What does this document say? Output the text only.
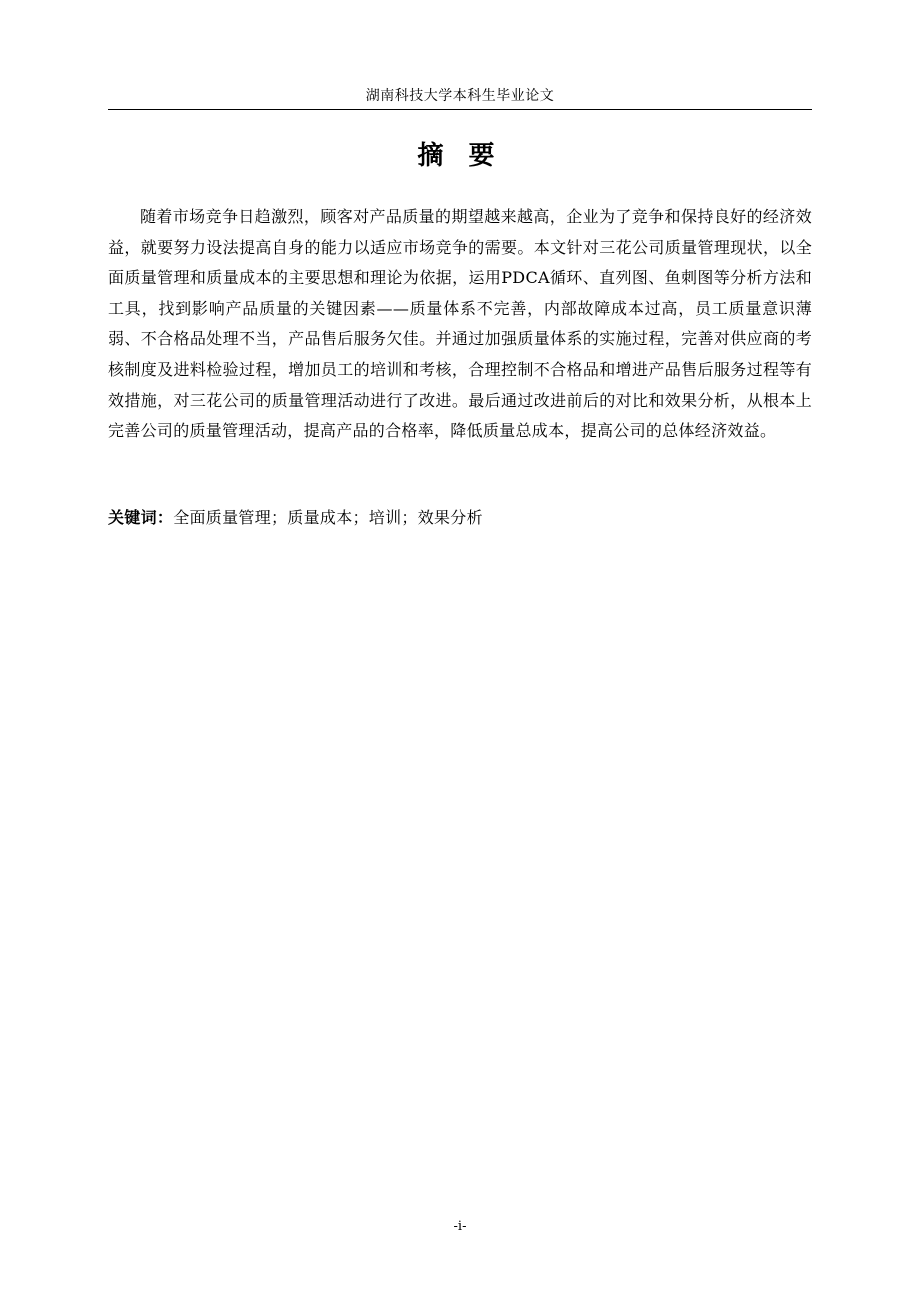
湖南科技大学本科生毕业论文
摘 要

随着市场竞争日趋激烈，顾客对产品质量的期望越来越高，企业为了竞争和保持良好的经济效益，就要努力设法提高自身的能力以适应市场竞争的需要。本文针对三花公司质量管理现状，以全面质量管理和质量成本的主要思想和理论为依据，运用PDCA循环、直列图、鱼刺图等分析方法和工具，找到影响产品质量的关键因素——质量体系不完善，内部故障成本过高，员工质量意识薄弱、不合格品处理不当，产品售后服务欠佳。并通过加强质量体系的实施过程，完善对供应商的考核制度及进料检验过程，增加员工的培训和考核，合理控制不合格品和增进产品售后服务过程等有效措施，对三花公司的质量管理活动进行了改进。最后通过改进前后的对比和效果分析，从根本上完善公司的质量管理活动，提高产品的合格率，降低质量总成本，提高公司的总体经济效益。

关键词：全面质量管理；质量成本；培训；效果分析
-i-
